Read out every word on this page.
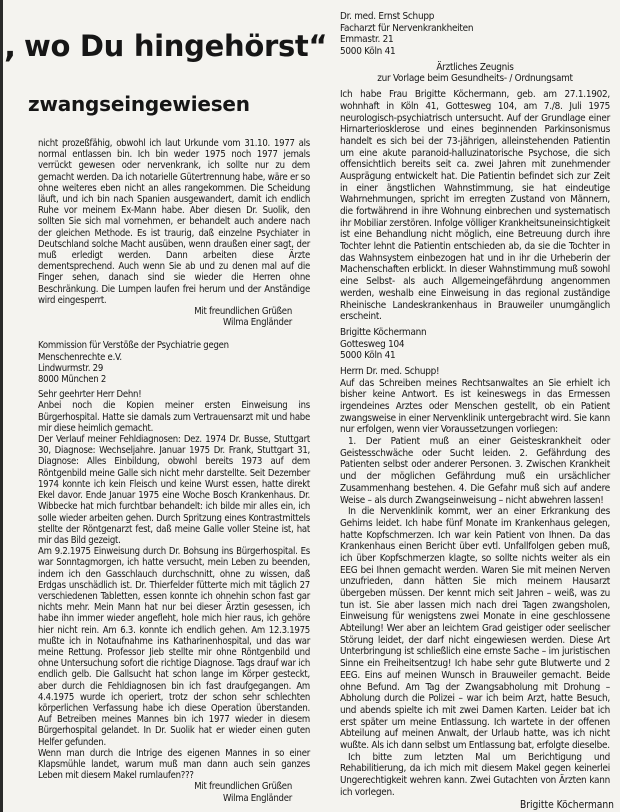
, wo Du hingehörst“
zwangseingewiesen

nicht prozeßfähig, obwohl ich laut Urkunde vom 31.10. 1977 als normal entlassen bin. Ich bin weder 1975 noch 1977 jemals verrückt gewesen oder nervenkrank, ich sollte nur zu dem gemacht werden. Da ich notarielle Gütertrennung habe, wäre er so ohne weiteres eben nicht an alles rangekommen. Die Scheidung läuft, und ich bin nach Spanien ausgewandert, damit ich endlich Ruhe vor meinem Ex-Mann habe. Aber diesen Dr. Suolik, den sollten Sie sich mal vornehmen, er behandelt auch andere nach der gleichen Methode. Es ist traurig, daß einzelne Psychiater in Deutschland solche Macht ausüben, wenn draußen einer sagt, der muß erledigt werden. Dann arbeiten diese Ärzte dementsprechend. Auch wenn Sie ab und zu denen mal auf die Finger sehen, danach sind sie wieder die Herren ohne Beschränkung. Die Lumpen laufen frei herum und der Anständige wird eingesperrt.

Mit freundlichen Grüßen
Wilma Engländer
Kommission für Verstöße der Psychiatrie gegen
Menschenrechte e.V.
Lindwurmstr. 29
8000 München 2
Sehr geehrter Herr Dehn!

Anbei noch die Kopien meiner ersten Einweisung ins Bürgerhospital. Hatte sie damals zum Vertrauensarzt mit und habe mir diese heimlich gemacht.

Der Verlauf meiner Fehldiagnosen: Dez. 1974 Dr. Busse, Stuttgart 30, Diagnose: Wechseljahre. Januar 1975 Dr. Frank, Stuttgart 31, Diagnose: Alles Einbildung, obwohl bereits 1973 auf dem Röntgenbild meine Galle sich nicht mehr darstellte. Seit Dezember 1974 konnte ich kein Fleisch und keine Wurst essen, hatte direkt Ekel davor. Ende Januar 1975 eine Woche Bosch Krankenhaus. Dr. Wibbecke hat mich furchtbar behandelt: ich bilde mir alles ein, ich solle wieder arbeiten gehen. Durch Spritzung eines Kontrastmittels stellte der Röntgenarzt fest, daß meine Galle voller Steine ist, hat mir das Bild gezeigt.

Am 9.2.1975 Einweisung durch Dr. Bohsung ins Bürgerhospital. Es war Sonntagmorgen, ich hatte versucht, mein Leben zu beenden, indem ich den Gasschlauch durchschnitt, ohne zu wissen, daß Erdgas unschädlich ist. Dr. Thierfelder fütterte mich mit täglich 27 verschiedenen Tabletten, essen konnte ich ohnehin schon fast gar nichts mehr. Mein Mann hat nur bei dieser Ärztin gesessen, ich habe ihn immer wieder angefleht, hole mich hier raus, ich gehöre hier nicht rein. Am 6.3. konnte ich endlich gehen. Am 12.3.1975 mußte ich in Notaufnahme ins Katharinenhospital, und das war meine Rettung. Professor Jieb stellte mir ohne Röntgenbild und ohne Untersuchung sofort die richtige Diagnose. Tags drauf war ich endlich gelb. Die Gallsucht hat schon lange im Körper gesteckt, aber durch die Fehldiagnosen bin ich fast draufgegangen. Am 4.4.1975 wurde ich operiert, trotz der schon sehr schlechten körperlichen Verfassung habe ich diese Operation überstanden. Auf Betreiben meines Mannes bin ich 1977 wieder in diesem Bürgerhospital gelandet. In Dr. Suolik hat er wieder einen guten Helfer gefunden.

Wenn man durch die Intrige des eigenen Mannes in so einer Klapsmühle landet, warum muß man dann auch sein ganzes Leben mit diesem Makel rumlaufen???

Mit freundlichen Grüßen
Wilma Engländer
Dr. med. Ernst Schupp
Facharzt für Nervenkrankheiten
Emmastr. 21
5000 Köln 41
Ärztliches Zeugnis
zur Vorlage beim Gesundheits- / Ordnungsamt

Ich habe Frau Brigitte Köchermann, geb. am 27.1.1902, wohnhaft in Köln 41, Gottesweg 104, am 7./8. Juli 1975 neurologisch-psychiatrisch untersucht. Auf der Grundlage einer Hirnarteriosklerose und eines beginnenden Parkinsonismus handelt es sich bei der 73-jährigen, alleinstehenden Patientin um eine akute paranoid-halluzinatorische Psychose, die sich offensichtlich bereits seit ca. zwei Jahren mit zunehmender Ausprägung entwickelt hat. Die Patientin befindet sich zur Zeit in einer ängstlichen Wahnstimmung, sie hat eindeutige Wahrnehmungen, spricht im erregten Zustand von Männern, die fortwährend in ihre Wohnung einbrechen und systematisch ihr Mobiliar zerstören. Infolge völliger Krankheitsuneinsichtigkeit ist eine Behandlung nicht möglich, eine Betreuung durch ihre Tochter lehnt die Patientin entschieden ab, da sie die Tochter in das Wahnsystem einbezogen hat und in ihr die Urheberin der Machenschaften erblickt. In dieser Wahnstimmung muß sowohl eine Selbst- als auch Allgemeingefährdung angenommen werden, weshalb eine Einweisung in das regional zuständige Rheinische Landeskrankenhaus in Brauweiler unumgänglich erscheint.

Brigitte Köchermann
Gottesweg 104
5000 Köln 41
Herrn Dr. med. Schupp!

Auf das Schreiben meines Rechtsanwaltes an Sie erhielt ich bisher keine Antwort. Es ist keineswegs in das Ermessen irgendeines Arztes oder Menschen gestellt, ob ein Patient zwangsweise in einer Nervenklinik untergebracht wird. Sie kann nur erfolgen, wenn vier Voraussetzungen vorliegen:

1. Der Patient muß an einer Geisteskrankheit oder Geistesschwäche oder Sucht leiden. 2. Gefährdung des Patienten selbst oder anderer Personen. 3. Zwischen Krankheit und der möglichen Gefährdung muß ein ursächlicher Zusammenhang bestehen. 4. Die Gefahr muß sich auf andere Weise – als durch Zwangseinweisung – nicht abwehren lassen!

In die Nervenklinik kommt, wer an einer Erkrankung des Gehirns leidet. Ich habe fünf Monate im Krankenhaus gelegen, hatte Kopfschmerzen. Ich war kein Patient von Ihnen. Da das Krankenhaus einen Bericht über evtl. Unfallfolgen geben muß, ich über Kopfschmerzen klagte, so sollte nichts weiter als ein EEG bei Ihnen gemacht werden. Waren Sie mit meinen Nerven unzufrieden, dann hätten Sie mich meinem Hausarzt übergeben müssen. Der kennt mich seit Jahren – weiß, was zu tun ist. Sie aber lassen mich nach drei Tagen zwangsholen, Einweisung für wenigstens zwei Monate in eine geschlossene Abteilung! Wer aber an leichtem Grad geistiger oder seelischer Störung leidet, der darf nicht eingewiesen werden. Diese Art Unterbringung ist schließlich eine ernste Sache – im juristischen Sinne ein Freiheitsentzug! Ich habe sehr gute Blutwerte und 2 EEG. Eins auf meinen Wunsch in Brauweiler gemacht. Beide ohne Befund. Am Tag der Zwangsabholung mit Drohung – Abholung durch die Polizei – war ich beim Arzt, hatte Besuch, und abends spielte ich mit zwei Damen Karten. Leider bat ich erst später um meine Entlassung. Ich wartete in der offenen Abteilung auf meinen Anwalt, der Urlaub hatte, was ich nicht wußte. Als ich dann selbst um Entlassung bat, erfolgte dieselbe.

Ich bitte zum letzten Mal um Berichtigung und Rehabilitierung, da ich mich mit diesem Makel gegen keinerlei Ungerechtigkeit wehren kann. Zwei Gutachten von Ärzten kann ich vorlegen.

Brigitte Köchermann
